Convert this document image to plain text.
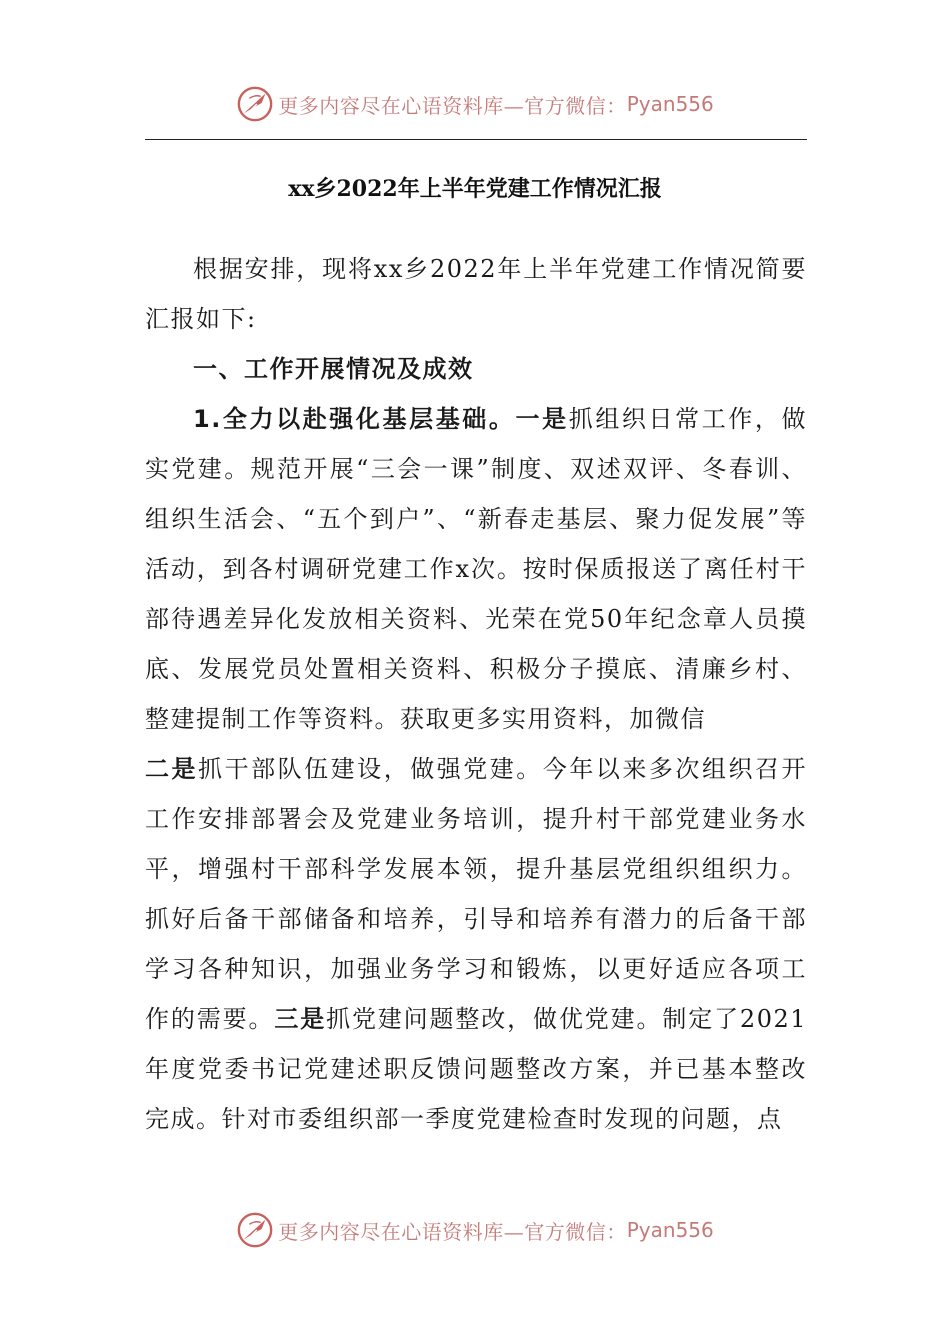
更多内容尽在心语资料库—官方微信： Pyan556
xx乡2022年上半年党建工作情况汇报

根据安排，现将xx乡2022年上半年党建工作情况简要汇报如下:

一、工作开展情况及成效

1.全力以赴强化基层基础。一是抓组织日常工作，做实党建。规范开展“三会一课”制度、双述双评、冬春训、组织生活会、“五个到户”、“新春走基层、聚力促发展”等活动，到各村调研党建工作x次。按时保质报送了离任村干部待遇差异化发放相关资料、光荣在党50年纪念章人员摸底、发展党员处置相关资料、积极分子摸底、清廉乡村、整建提制工作等资料。获取更多实用资料，加微信
二是抓干部队伍建设，做强党建。今年以来多次组织召开工作安排部署会及党建业务培训，提升村干部党建业务水平，增强村干部科学发展本领，提升基层党组织组织力。抓好后备干部储备和培养，引导和培养有潜力的后备干部学习各种知识，加强业务学习和锻炼，以更好适应各项工作的需要。三是抓党建问题整改，做优党建。制定了2021年度党委书记党建述职反馈问题整改方案，并已基本整改完成。针对市委组织部一季度党建检查时发现的问题，点

更多内容尽在心语资料库—官方微信： Pyan556
